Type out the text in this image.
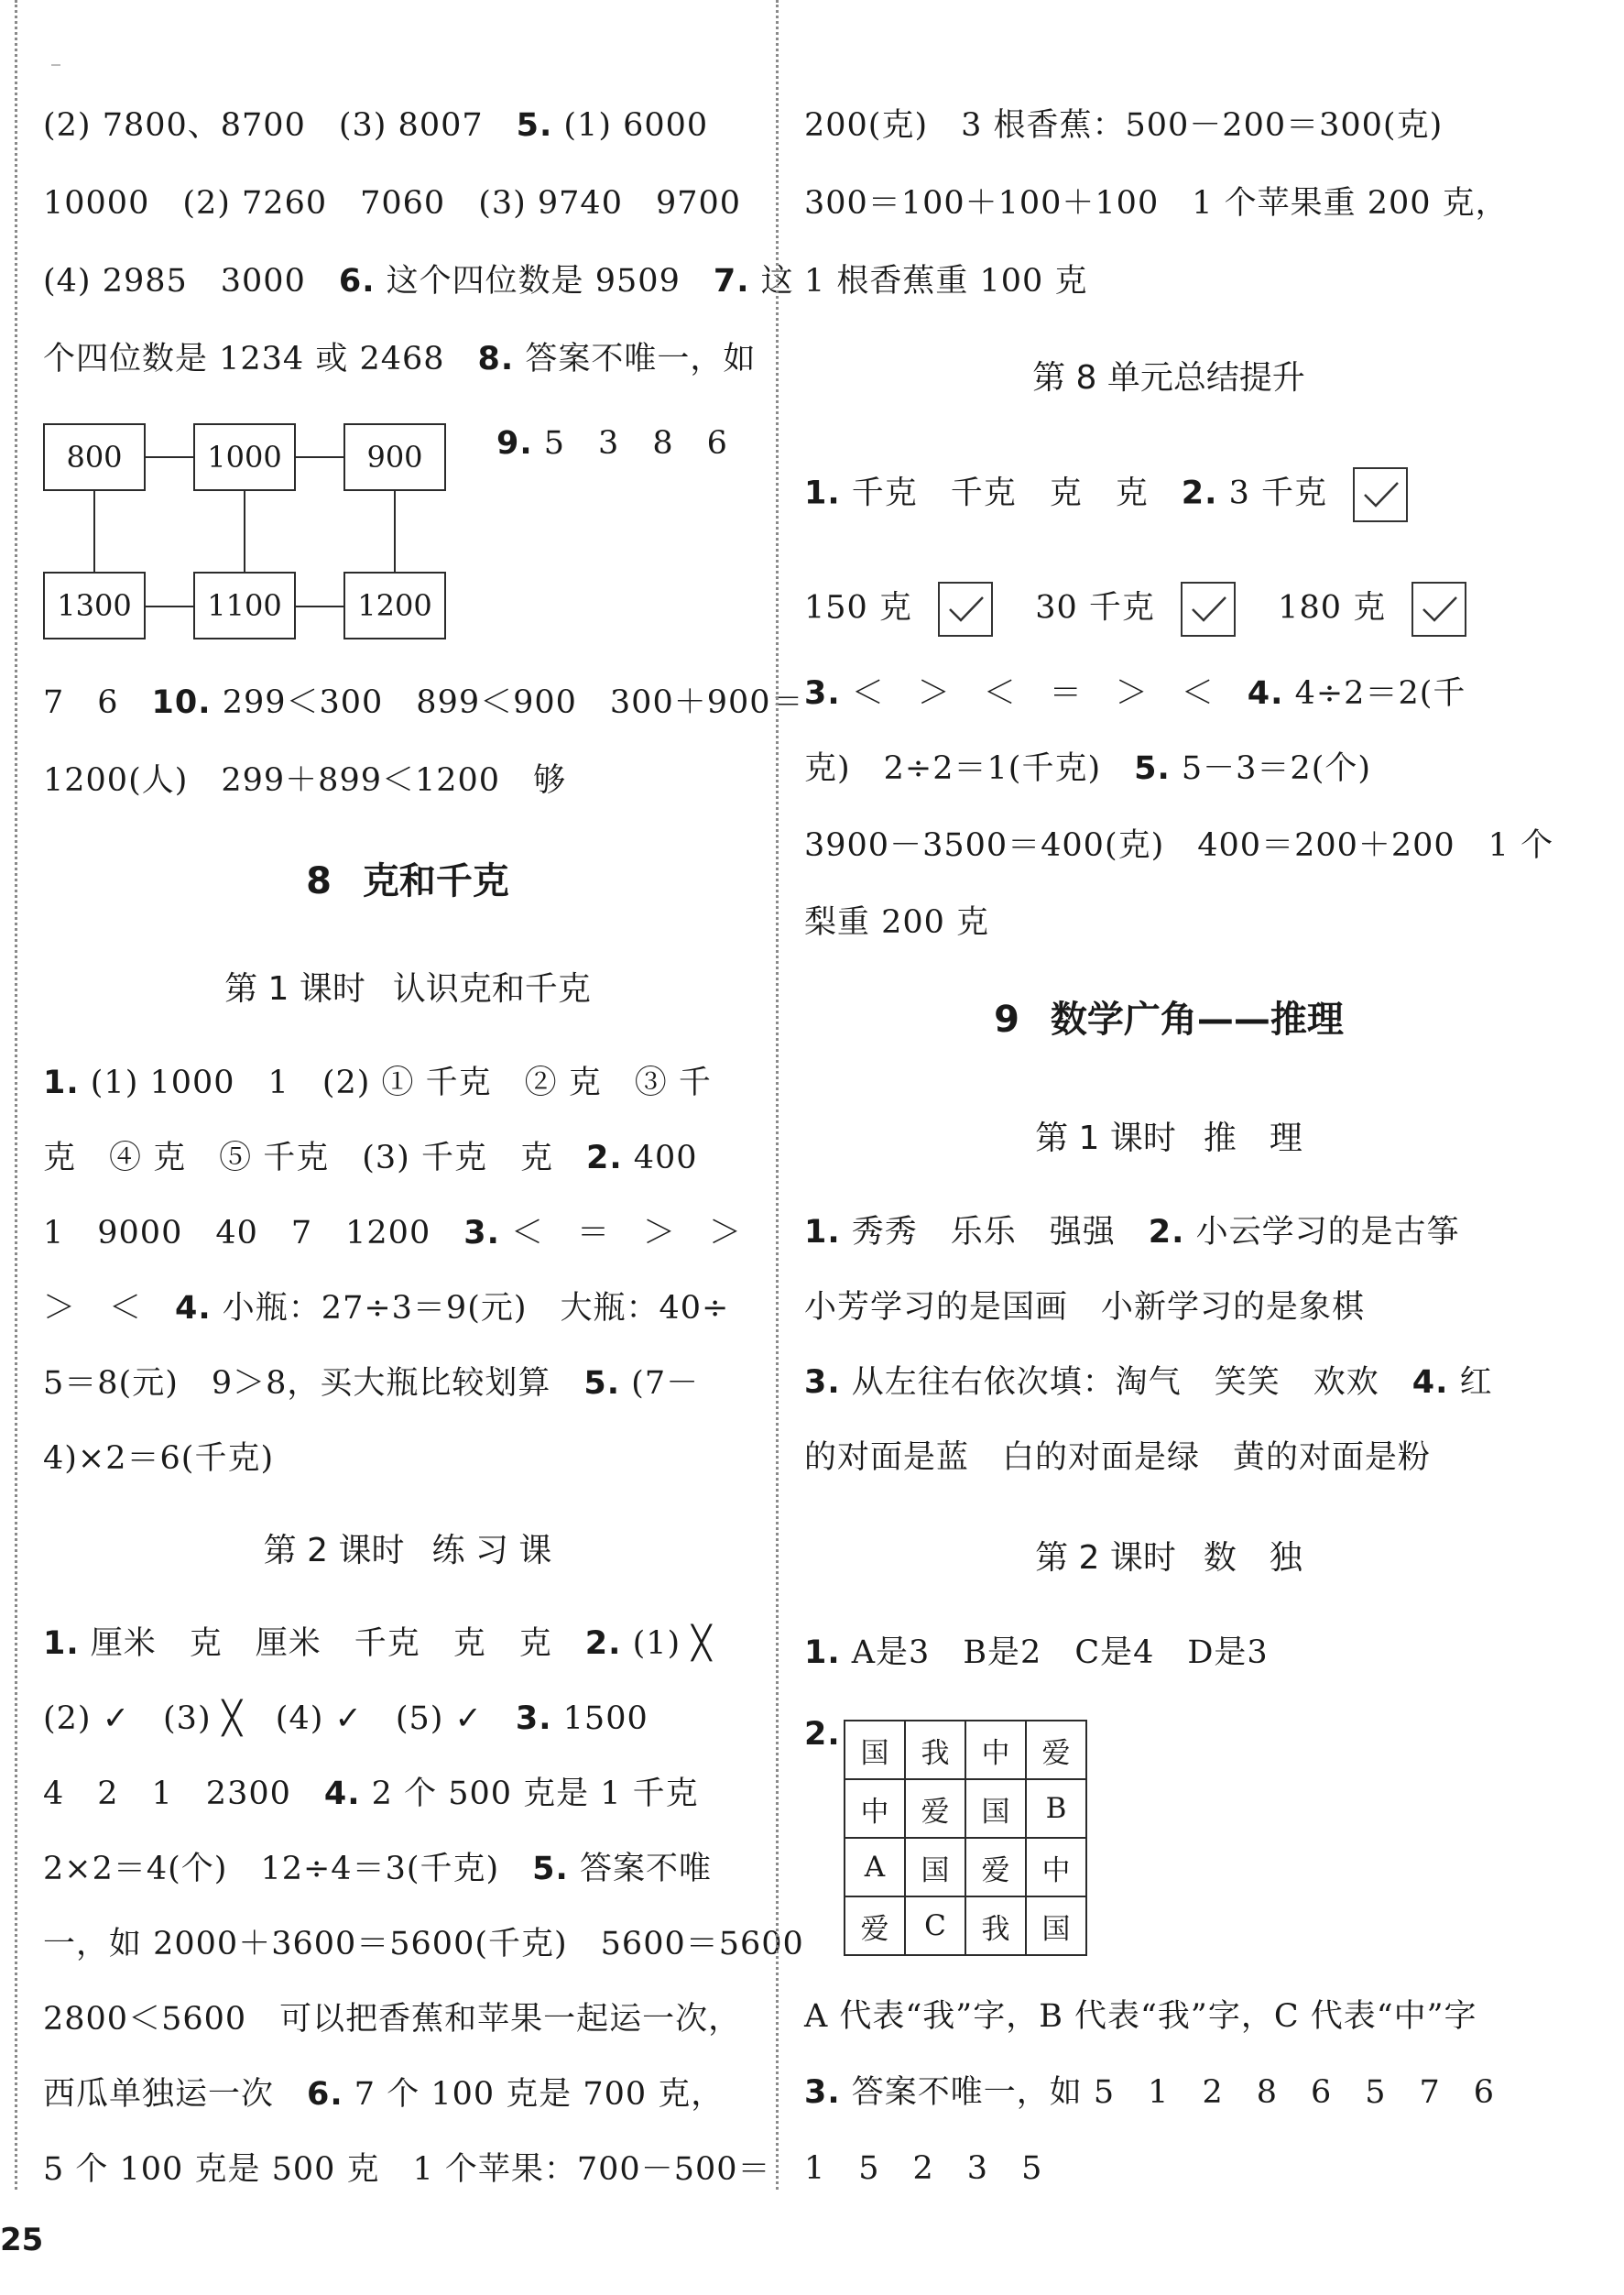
(2) 7800、8700　(3) 8007　5. (1) 6000
10000　(2) 7260　7060　(3) 9740　9700
(4) 2985　3000　6. 这个四位数是 9509　7. 这
个四位数是 1234 或 2468　8. 答案不唯一，如
800	1000	900
1300	1100	1200
9. 5　3　8　6
7　6　10. 299＜300　899＜900　300＋900＝
1200(人)　299＋899＜1200　够
8 克和千克
第 1 课时 认识克和千克
1. (1) 1000　1　(2) ① 千克　② 克　③ 千
克　④ 克　⑤ 千克　(3) 千克　克　2. 400
1　9000　40　7　1200　3. ＜　＝　＞　＞
＞　＜　4. 小瓶：27÷3＝9(元)　大瓶：40÷
5＝8(元)　9＞8，买大瓶比较划算　5. (7－
4)×2＝6(千克)
第 2 课时 练 习 课
1. 厘米　克　厘米　千克　克　克　2. (1) ╳
(2) ✓　(3) ╳　(4) ✓　(5) ✓　3. 1500
4　2　1　2300　4. 2 个 500 克是 1 千克
2×2＝4(个)　12÷4＝3(千克)　5. 答案不唯
一，如 2000＋3600＝5600(千克)　5600＝5600
2800＜5600　可以把香蕉和苹果一起运一次，
西瓜单独运一次　6. 7 个 100 克是 700 克，
5 个 100 克是 500 克　1 个苹果：700－500＝
200(克)　3 根香蕉：500－200＝300(克)
300＝100＋100＋100　1 个苹果重 200 克，
1 根香蕉重 100 克
第 8 单元总结提升
1. 千克　千克　克　克　2. 3 千克
150 克	30 千克	180 克
3. ＜　＞　＜　＝　＞　＜　4. 4÷2＝2(千
克)　2÷2＝1(千克)　5. 5－3＝2(个)
3900－3500＝400(克)　400＝200＋200　1 个
梨重 200 克
9 数学广角——推理
第 1 课时 推　理
1. 秀秀　乐乐　强强　2. 小云学习的是古筝
小芳学习的是国画　小新学习的是象棋
3. 从左往右依次填：淘气　笑笑　欢欢　4. 红
的对面是蓝　白的对面是绿　黄的对面是粉
第 2 课时 数　独
1. A是3　B是2　C是4　D是3
2.
国	我	中	爱
中	爱	国	B
A	国	爱	中
爱	C	我	国
A 代表“我”字，B 代表“我”字，C 代表“中”字
3. 答案不唯一，如 5　1　2　8　6　5　7　6
1　5　2　3　5
25
